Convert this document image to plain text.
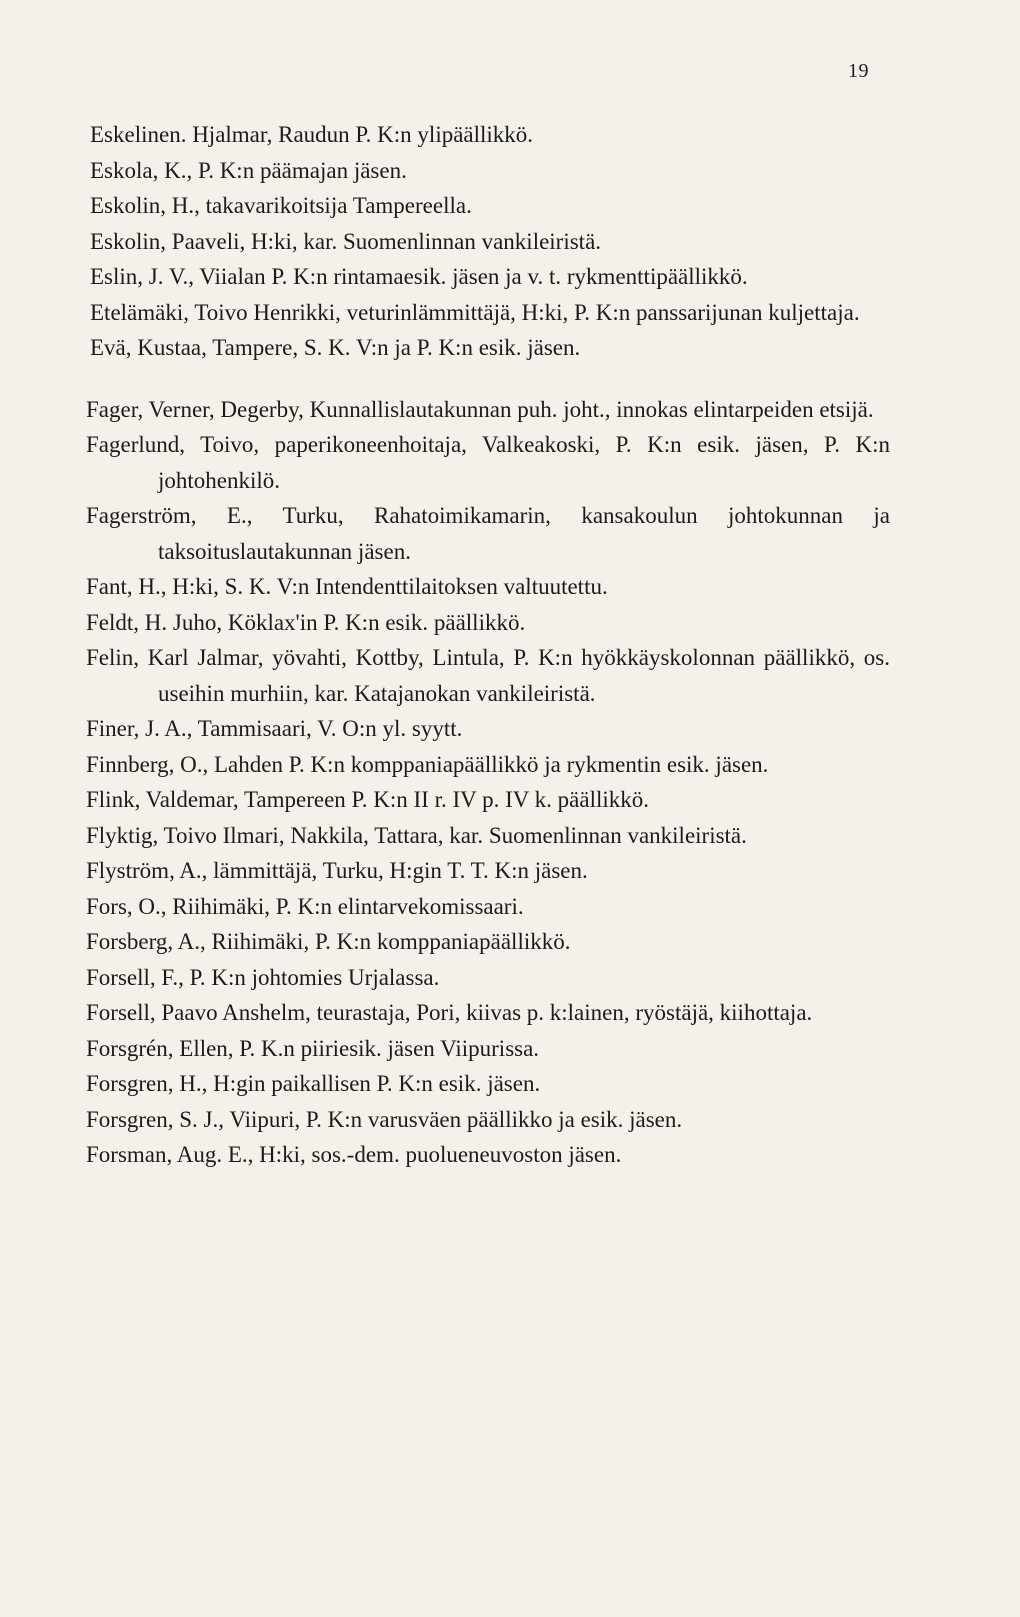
19

Eskelinen. Hjalmar, Raudun P. K:n ylipäällikkö.

Eskola, K., P. K:n päämajan jäsen.

Eskolin, H., takavarikoitsija Tampereella.

Eskolin, Paaveli, H:ki, kar. Suomenlinnan vankileiristä.

Eslin, J. V., Viialan P. K:n rintamaesik. jäsen ja v. t. rykmenttipäällikkö.

Etelämäki, Toivo Henrikki, veturinlämmittäjä, H:ki, P. K:n panssarijunan kuljettaja.

Evä, Kustaa, Tampere, S. K. V:n ja P. K:n esik. jäsen.

Fager, Verner, Degerby, Kunnallislautakunnan puh. joht., innokas elintarpeiden etsijä.

Fagerlund, Toivo, paperikoneenhoitaja, Valkeakoski, P. K:n esik. jäsen, P. K:n johtohenkilö.

Fagerström, E., Turku, Rahatoimikamarin, kansakoulun johtokunnan ja taksoituslautakunnan jäsen.

Fant, H., H:ki, S. K. V:n Intendenttilaitoksen valtuutettu.

Feldt, H. Juho, Köklax'in P. K:n esik. päällikkö.

Felin, Karl Jalmar, yövahti, Kottby, Lintula, P. K:n hyökkäyskolonnan päällikkö, os. useihin murhiin, kar. Katajanokan vankileiristä.

Finer, J. A., Tammisaari, V. O:n yl. syytt.

Finnberg, O., Lahden P. K:n komppaniapäällikkö ja rykmentin esik. jäsen.

Flink, Valdemar, Tampereen P. K:n II r. IV p. IV k. päällikkö.

Flyktig, Toivo Ilmari, Nakkila, Tattara, kar. Suomenlinnan vankileiristä.

Flyström, A., lämmittäjä, Turku, H:gin T. T. K:n jäsen.

Fors, O., Riihimäki, P. K:n elintarvekomissaari.

Forsberg, A., Riihimäki, P. K:n komppaniapäällikkö.

Forsell, F., P. K:n johtomies Urjalassa.

Forsell, Paavo Anshelm, teurastaja, Pori, kiivas p. k:lainen, ryöstäjä, kiihottaja.

Forsgrén, Ellen, P. K.n piiriesik. jäsen Viipurissa.

Forsgren, H., H:gin paikallisen P. K:n esik. jäsen.

Forsgren, S. J., Viipuri, P. K:n varusväen päällikko ja esik. jäsen.

Forsman, Aug. E., H:ki, sos.-dem. puolueneuvoston jäsen.
